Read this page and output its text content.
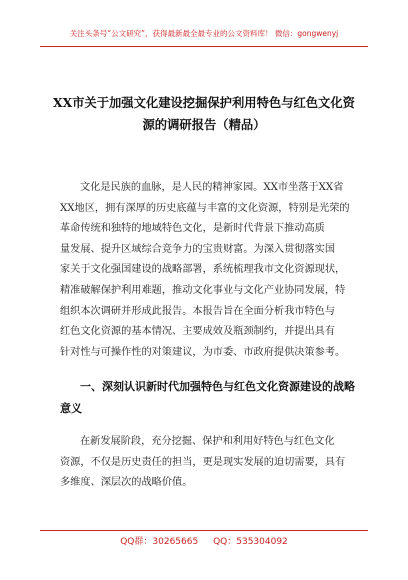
关注头条号“公文研究”，获得最新最全最专业的公文资料库！ 微信：gongwenyj
XX市关于加强文化建设挖掘保护利用特色与红色文化资
源的调研报告（精品）
文化是民族的血脉，是人民的精神家园。XX市坐落于XX省
XX地区，拥有深厚的历史底蕴与丰富的文化资源，特别是光荣的
革命传统和独特的地域特色文化，是新时代背景下推动高质
量发展、提升区域综合竞争力的宝贵财富。为深入贯彻落实国
家关于文化强国建设的战略部署，系统梳理我市文化资源现状，
精准破解保护利用难题，推动文化事业与文化产业协同发展，特
组织本次调研并形成此报告。本报告旨在全面分析我市特色与
红色文化资源的基本情况、主要成效及瓶颈制约，并提出具有
针对性与可操作性的对策建议，为市委、市政府提供决策参考。
一、深刻认识新时代加强特色与红色文化资源建设的战略
意义
在新发展阶段，充分挖掘、保护和利用好特色与红色文化
资源，不仅是历史责任的担当，更是现实发展的迫切需要，具有
多维度、深层次的战略价值。
QQ群：30265665 QQ：535304092
